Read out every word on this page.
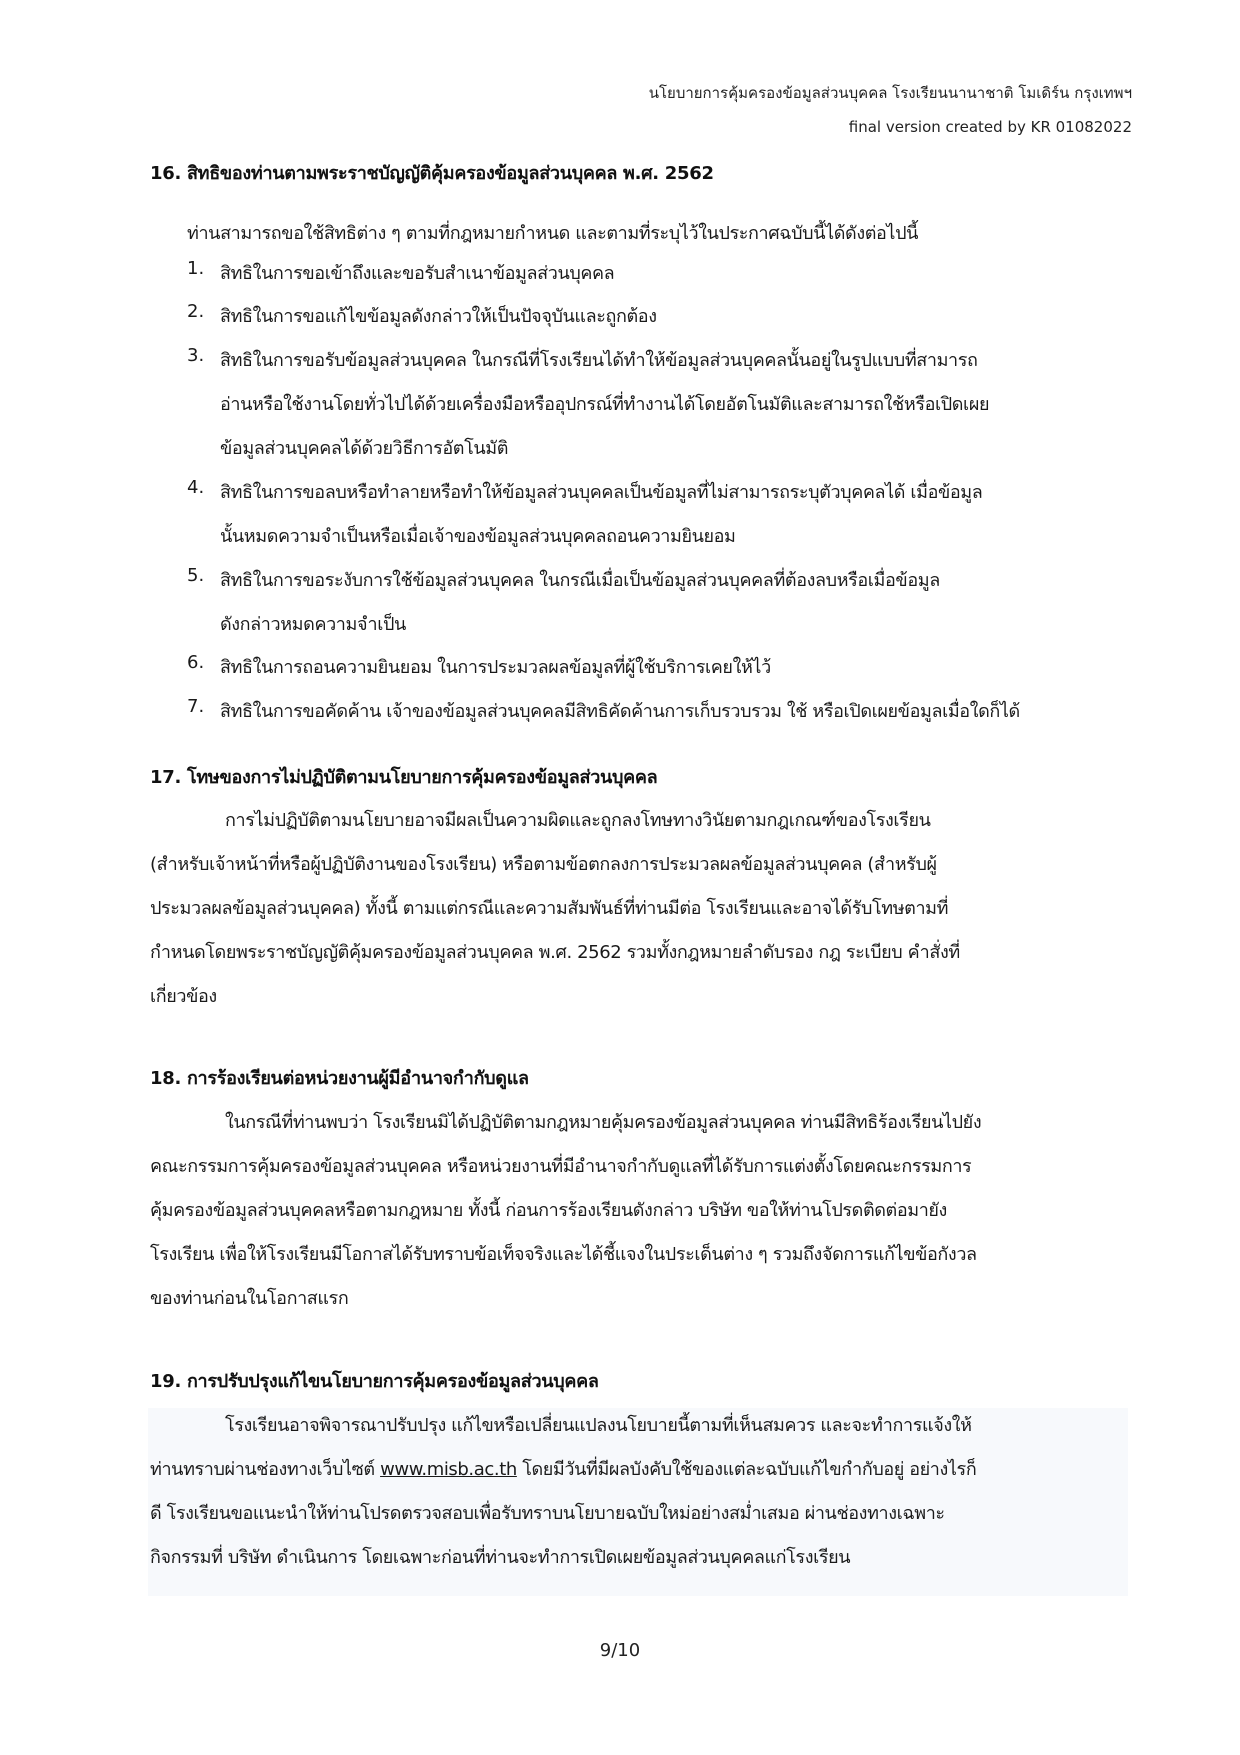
นโยบายการคุ้มครองข้อมูลส่วนบุคคล โรงเรียนนานาชาติ โมเดิร์น กรุงเทพฯ
final version created by KR 01082022
16. สิทธิของท่านตามพระราชบัญญัติคุ้มครองข้อมูลส่วนบุคคล พ.ศ. 2562
ท่านสามารถขอใช้สิทธิต่าง ๆ ตามที่กฎหมายกำหนด และตามที่ระบุไว้ในประกาศฉบับนี้ได้ดังต่อไปนี้
1. สิทธิในการขอเข้าถึงและขอรับสำเนาข้อมูลส่วนบุคคล
2. สิทธิในการขอแก้ไขข้อมูลดังกล่าวให้เป็นปัจจุบันและถูกต้อง
3. สิทธิในการขอรับข้อมูลส่วนบุคคล ในกรณีที่โรงเรียนได้ทำให้ข้อมูลส่วนบุคคลนั้นอยู่ในรูปแบบที่สามารถ
อ่านหรือใช้งานโดยทั่วไปได้ด้วยเครื่องมือหรืออุปกรณ์ที่ทำงานได้โดยอัตโนมัติและสามารถใช้หรือเปิดเผย
ข้อมูลส่วนบุคคลได้ด้วยวิธีการอัตโนมัติ
4. สิทธิในการขอลบหรือทำลายหรือทำให้ข้อมูลส่วนบุคคลเป็นข้อมูลที่ไม่สามารถระบุตัวบุคคลได้ เมื่อข้อมูล
นั้นหมดความจำเป็นหรือเมื่อเจ้าของข้อมูลส่วนบุคคลถอนความยินยอม
5. สิทธิในการขอระงับการใช้ข้อมูลส่วนบุคคล ในกรณีเมื่อเป็นข้อมูลส่วนบุคคลที่ต้องลบหรือเมื่อข้อมูล
ดังกล่าวหมดความจำเป็น
6. สิทธิในการถอนความยินยอม ในการประมวลผลข้อมูลที่ผู้ใช้บริการเคยให้ไว้
7. สิทธิในการขอคัดค้าน เจ้าของข้อมูลส่วนบุคคลมีสิทธิคัดค้านการเก็บรวบรวม ใช้ หรือเปิดเผยข้อมูลเมื่อใดก็ได้
17. โทษของการไม่ปฏิบัติตามนโยบายการคุ้มครองข้อมูลส่วนบุคคล
การไม่ปฏิบัติตามนโยบายอาจมีผลเป็นความผิดและถูกลงโทษทางวินัยตามกฎเกณฑ์ของโรงเรียน
(สำหรับเจ้าหน้าที่หรือผู้ปฏิบัติงานของโรงเรียน) หรือตามข้อตกลงการประมวลผลข้อมูลส่วนบุคคล (สำหรับผู้
ประมวลผลข้อมูลส่วนบุคคล) ทั้งนี้ ตามแต่กรณีและความสัมพันธ์ที่ท่านมีต่อ โรงเรียนและอาจได้รับโทษตามที่
กำหนดโดยพระราชบัญญัติคุ้มครองข้อมูลส่วนบุคคล พ.ศ. 2562 รวมทั้งกฎหมายลำดับรอง กฎ ระเบียบ คำสั่งที่
เกี่ยวข้อง
18. การร้องเรียนต่อหน่วยงานผู้มีอำนาจกำกับดูแล
ในกรณีที่ท่านพบว่า โรงเรียนมิได้ปฏิบัติตามกฎหมายคุ้มครองข้อมูลส่วนบุคคล ท่านมีสิทธิร้องเรียนไปยัง
คณะกรรมการคุ้มครองข้อมูลส่วนบุคคล หรือหน่วยงานที่มีอำนาจกำกับดูแลที่ได้รับการแต่งตั้งโดยคณะกรรมการ
คุ้มครองข้อมูลส่วนบุคคลหรือตามกฎหมาย ทั้งนี้ ก่อนการร้องเรียนดังกล่าว บริษัท ขอให้ท่านโปรดติดต่อมายัง
โรงเรียน เพื่อให้โรงเรียนมีโอกาสได้รับทราบข้อเท็จจริงและได้ชี้แจงในประเด็นต่าง ๆ รวมถึงจัดการแก้ไขข้อกังวล
ของท่านก่อนในโอกาสแรก
19. การปรับปรุงแก้ไขนโยบายการคุ้มครองข้อมูลส่วนบุคคล
โรงเรียนอาจพิจารณาปรับปรุง แก้ไขหรือเปลี่ยนแปลงนโยบายนี้ตามที่เห็นสมควร และจะทำการแจ้งให้
ท่านทราบผ่านช่องทางเว็บไซต์ www.misb.ac.th โดยมีวันที่มีผลบังคับใช้ของแต่ละฉบับแก้ไขกำกับอยู่ อย่างไรก็
ดี โรงเรียนขอแนะนำให้ท่านโปรดตรวจสอบเพื่อรับทราบนโยบายฉบับใหม่อย่างสม่ำเสมอ ผ่านช่องทางเฉพาะ
กิจกรรมที่ บริษัท ดำเนินการ โดยเฉพาะก่อนที่ท่านจะทำการเปิดเผยข้อมูลส่วนบุคคลแก่โรงเรียน
9/10
